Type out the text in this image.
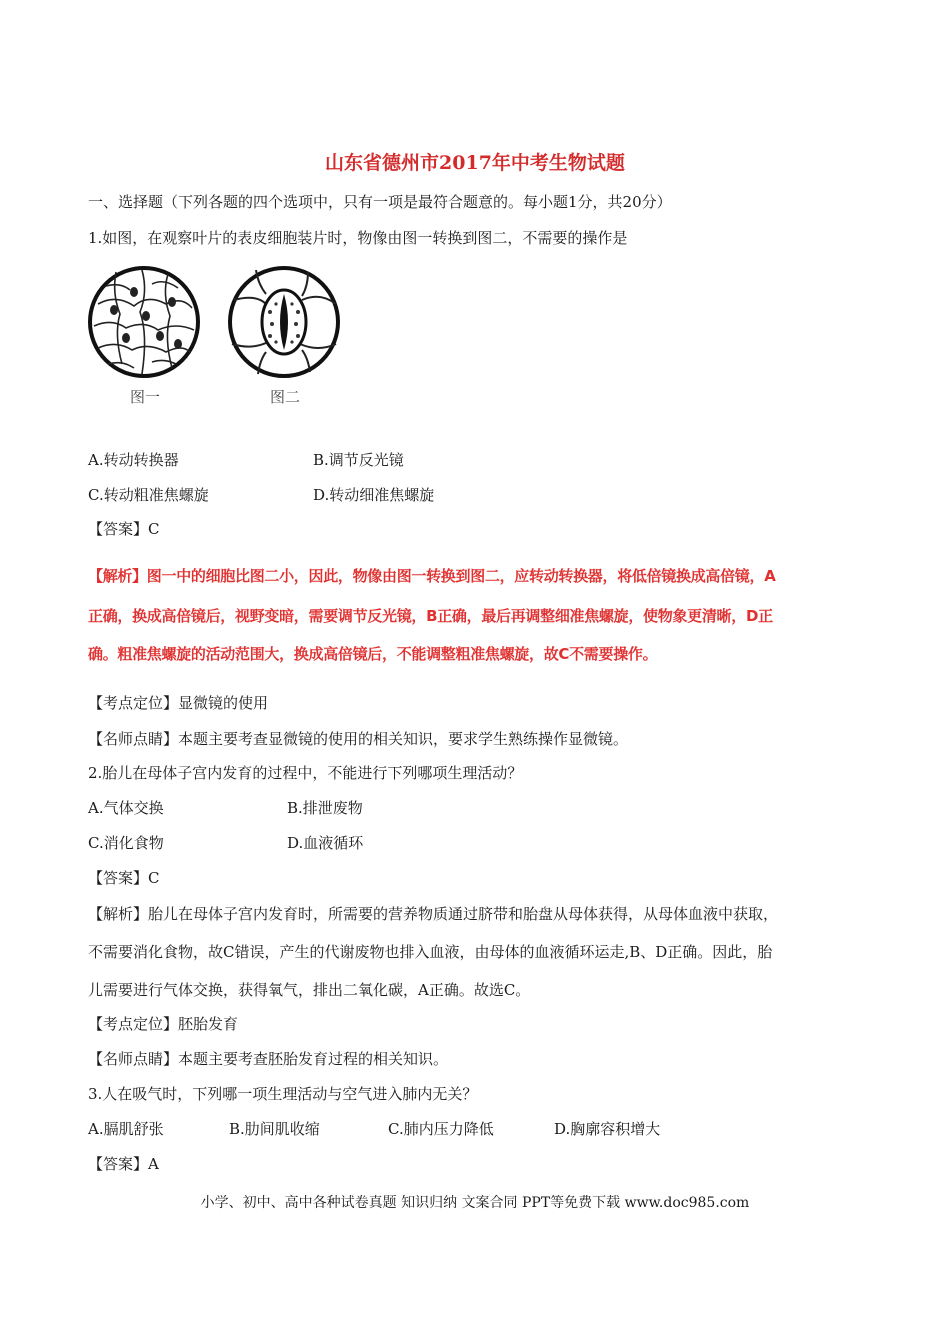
山东省德州市2017年中考生物试题
一、选择题（下列各题的四个选项中，只有一项是最符合题意的。每小题1分，共20分）
1.如图，在观察叶片的表皮细胞装片时，物像由图一转换到图二，不需要的操作是
图一	图二
A.转动转换器	B.调节反光镜
C.转动粗准焦螺旋	D.转动细准焦螺旋
【答案】C
【解析】图一中的细胞比图二小，因此，物像由图一转换到图二，应转动转换器，将低倍镜换成高倍镜，A
正确，换成高倍镜后，视野变暗，需要调节反光镜，B正确，最后再调整细准焦螺旋，使物象更清晰，D正
确。粗准焦螺旋的活动范围大，换成高倍镜后，不能调整粗准焦螺旋，故C不需要操作。
【考点定位】显微镜的使用
【名师点睛】本题主要考查显微镜的使用的相关知识，要求学生熟练操作显微镜。
2.胎儿在母体子宫内发育的过程中，不能进行下列哪项生理活动？
A.气体交换	B.排泄废物
C.消化食物	D.血液循环
【答案】C
【解析】胎儿在母体子宫内发育时，所需要的营养物质通过脐带和胎盘从母体获得，从母体血液中获取，
不需要消化食物，故C错误，产生的代谢废物也排入血液，由母体的血液循环运走,B、D正确。因此，胎
儿需要进行气体交换，获得氧气，排出二氧化碳，A正确。故选C。
【考点定位】胚胎发育
【名师点睛】本题主要考查胚胎发育过程的相关知识。
3.人在吸气时，下列哪一项生理活动与空气进入肺内无关？
A.膈肌舒张	B.肋间肌收缩	C.肺内压力降低	D.胸廓容积增大
【答案】A
小学、初中、高中各种试卷真题 知识归纳 文案合同 PPT等免费下载 www.doc985.com
